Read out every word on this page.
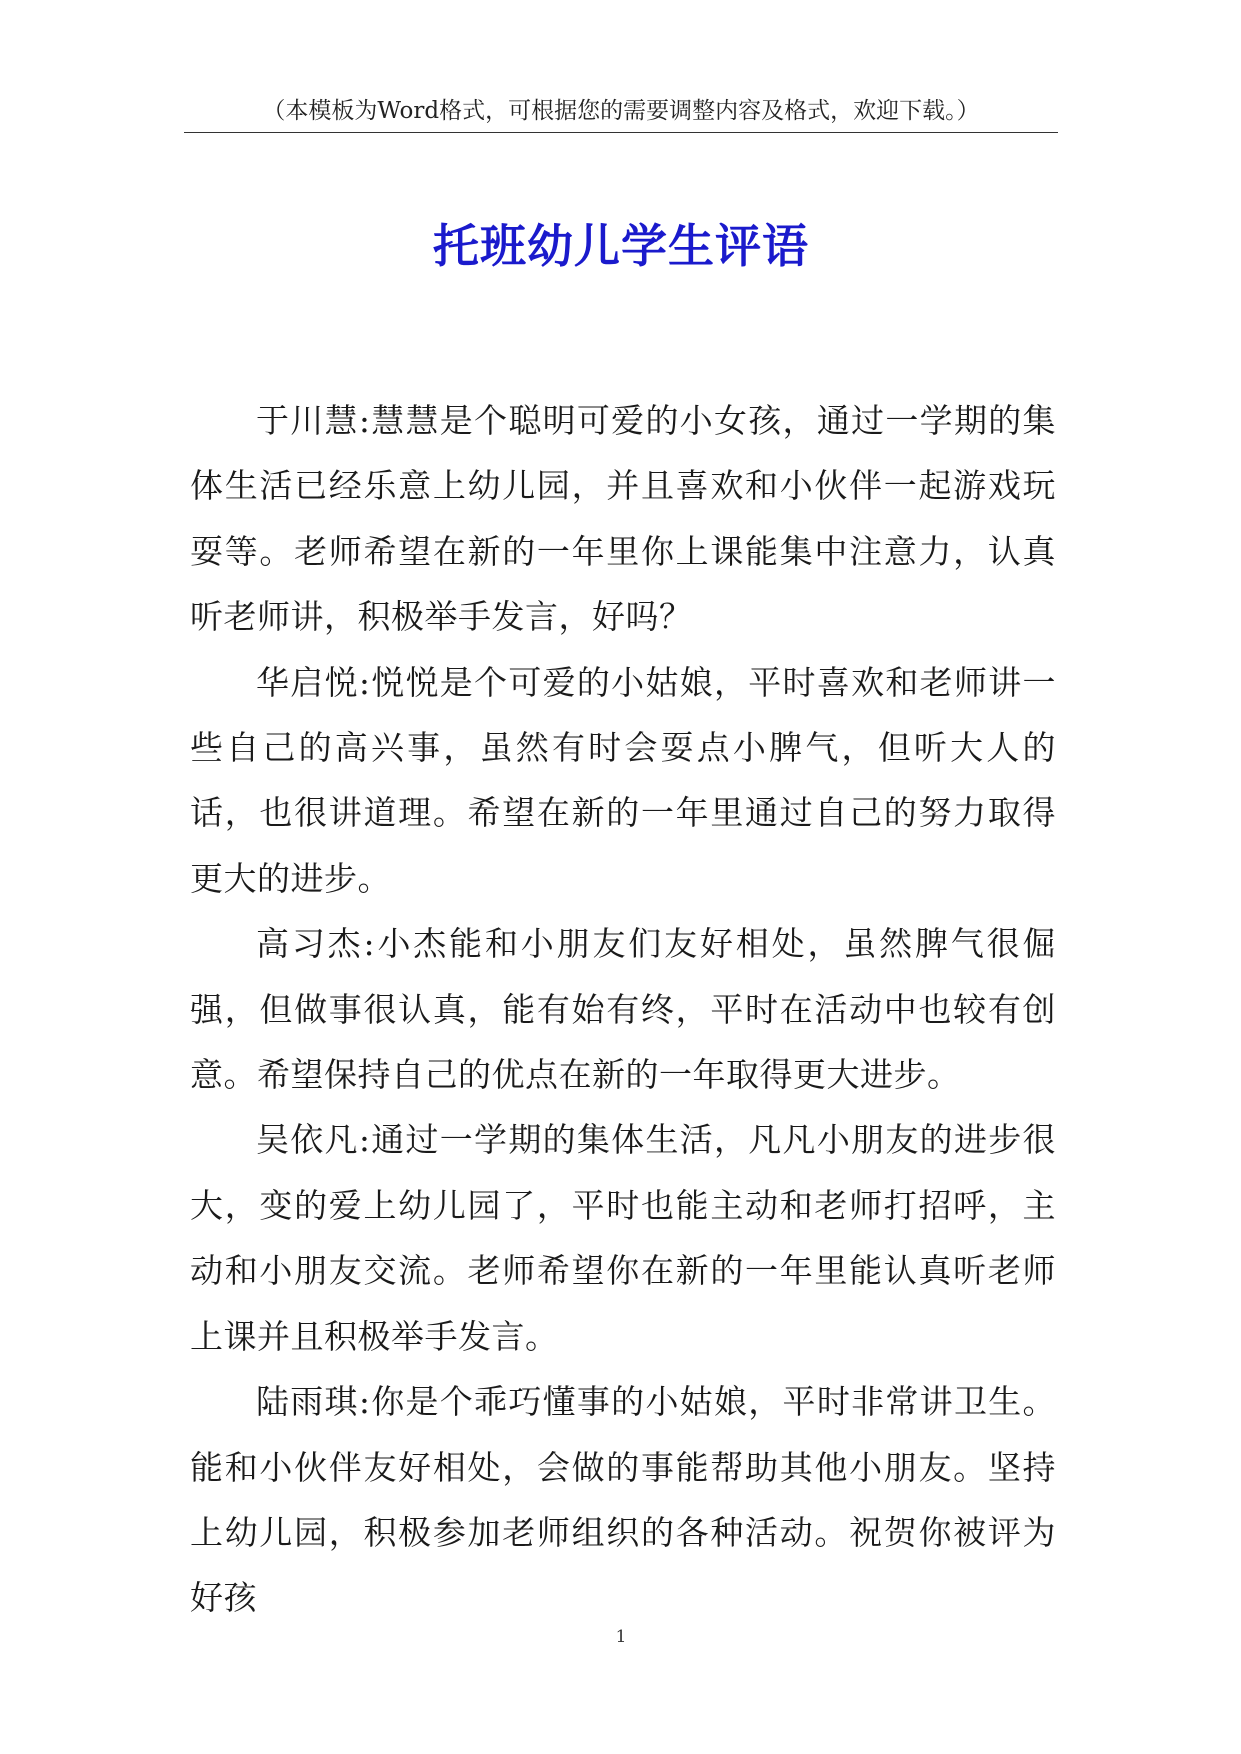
（本模板为Word格式，可根据您的需要调整内容及格式，欢迎下载。）
托班幼儿学生评语

于川慧:慧慧是个聪明可爱的小女孩，通过一学期的集体生活已经乐意上幼儿园，并且喜欢和小伙伴一起游戏玩耍等。老师希望在新的一年里你上课能集中注意力，认真听老师讲，积极举手发言，好吗？

华启悦:悦悦是个可爱的小姑娘，平时喜欢和老师讲一些自己的高兴事，虽然有时会耍点小脾气，但听大人的话，也很讲道理。希望在新的一年里通过自己的努力取得更大的进步。

高习杰:小杰能和小朋友们友好相处，虽然脾气很倔强，但做事很认真，能有始有终，平时在活动中也较有创意。希望保持自己的优点在新的一年取得更大进步。

吴依凡:通过一学期的集体生活，凡凡小朋友的进步很大，变的爱上幼儿园了，平时也能主动和老师打招呼，主动和小朋友交流。老师希望你在新的一年里能认真听老师上课并且积极举手发言。

陆雨琪:你是个乖巧懂事的小姑娘，平时非常讲卫生。能和小伙伴友好相处，会做的事能帮助其他小朋友。坚持上幼儿园，积极参加老师组织的各种活动。祝贺你被评为好孩

1
